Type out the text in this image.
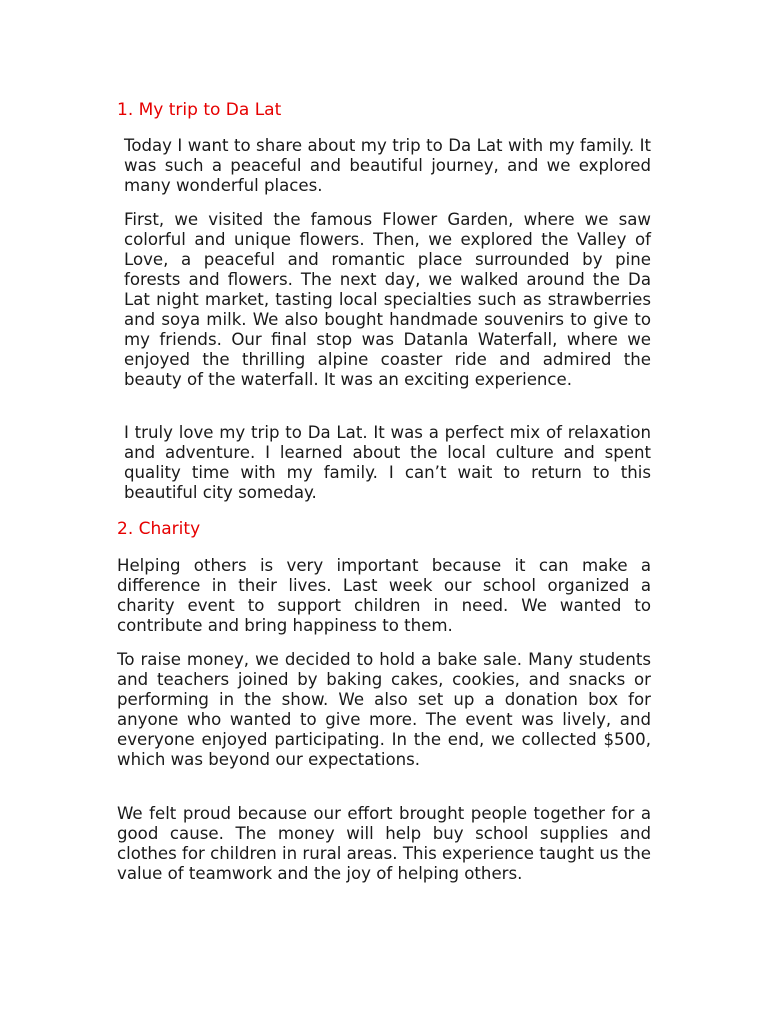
1. My trip to Da Lat

Today I want to share about my trip to Da Lat with my family. It was such a peaceful and beautiful journey, and we explored many wonderful places.

First, we visited the famous Flower Garden, where we saw colorful and unique flowers. Then, we explored the Valley of Love, a peaceful and romantic place surrounded by pine forests and flowers. The next day, we walked around the Da Lat night market, tasting local specialties such as strawberries and soya milk. We also bought handmade souvenirs to give to my friends. Our final stop was Datanla Waterfall, where we enjoyed the thrilling alpine coaster ride and admired the beauty of the waterfall. It was an exciting experience.

I truly love my trip to Da Lat. It was a perfect mix of relaxation and adventure. I learned about the local culture and spent quality time with my family. I can’t wait to return to this beautiful city someday.

2. Charity

Helping others is very important because it can make a difference in their lives. Last week our school organized a charity event to support children in need. We wanted to contribute and bring happiness to them.

To raise money, we decided to hold a bake sale. Many students and teachers joined by baking cakes, cookies, and snacks or performing in the show. We also set up a donation box for anyone who wanted to give more. The event was lively, and everyone enjoyed participating. In the end, we collected $500, which was beyond our expectations.

We felt proud because our effort brought people together for a good cause. The money will help buy school supplies and clothes for children in rural areas. This experience taught us the value of teamwork and the joy of helping others.
